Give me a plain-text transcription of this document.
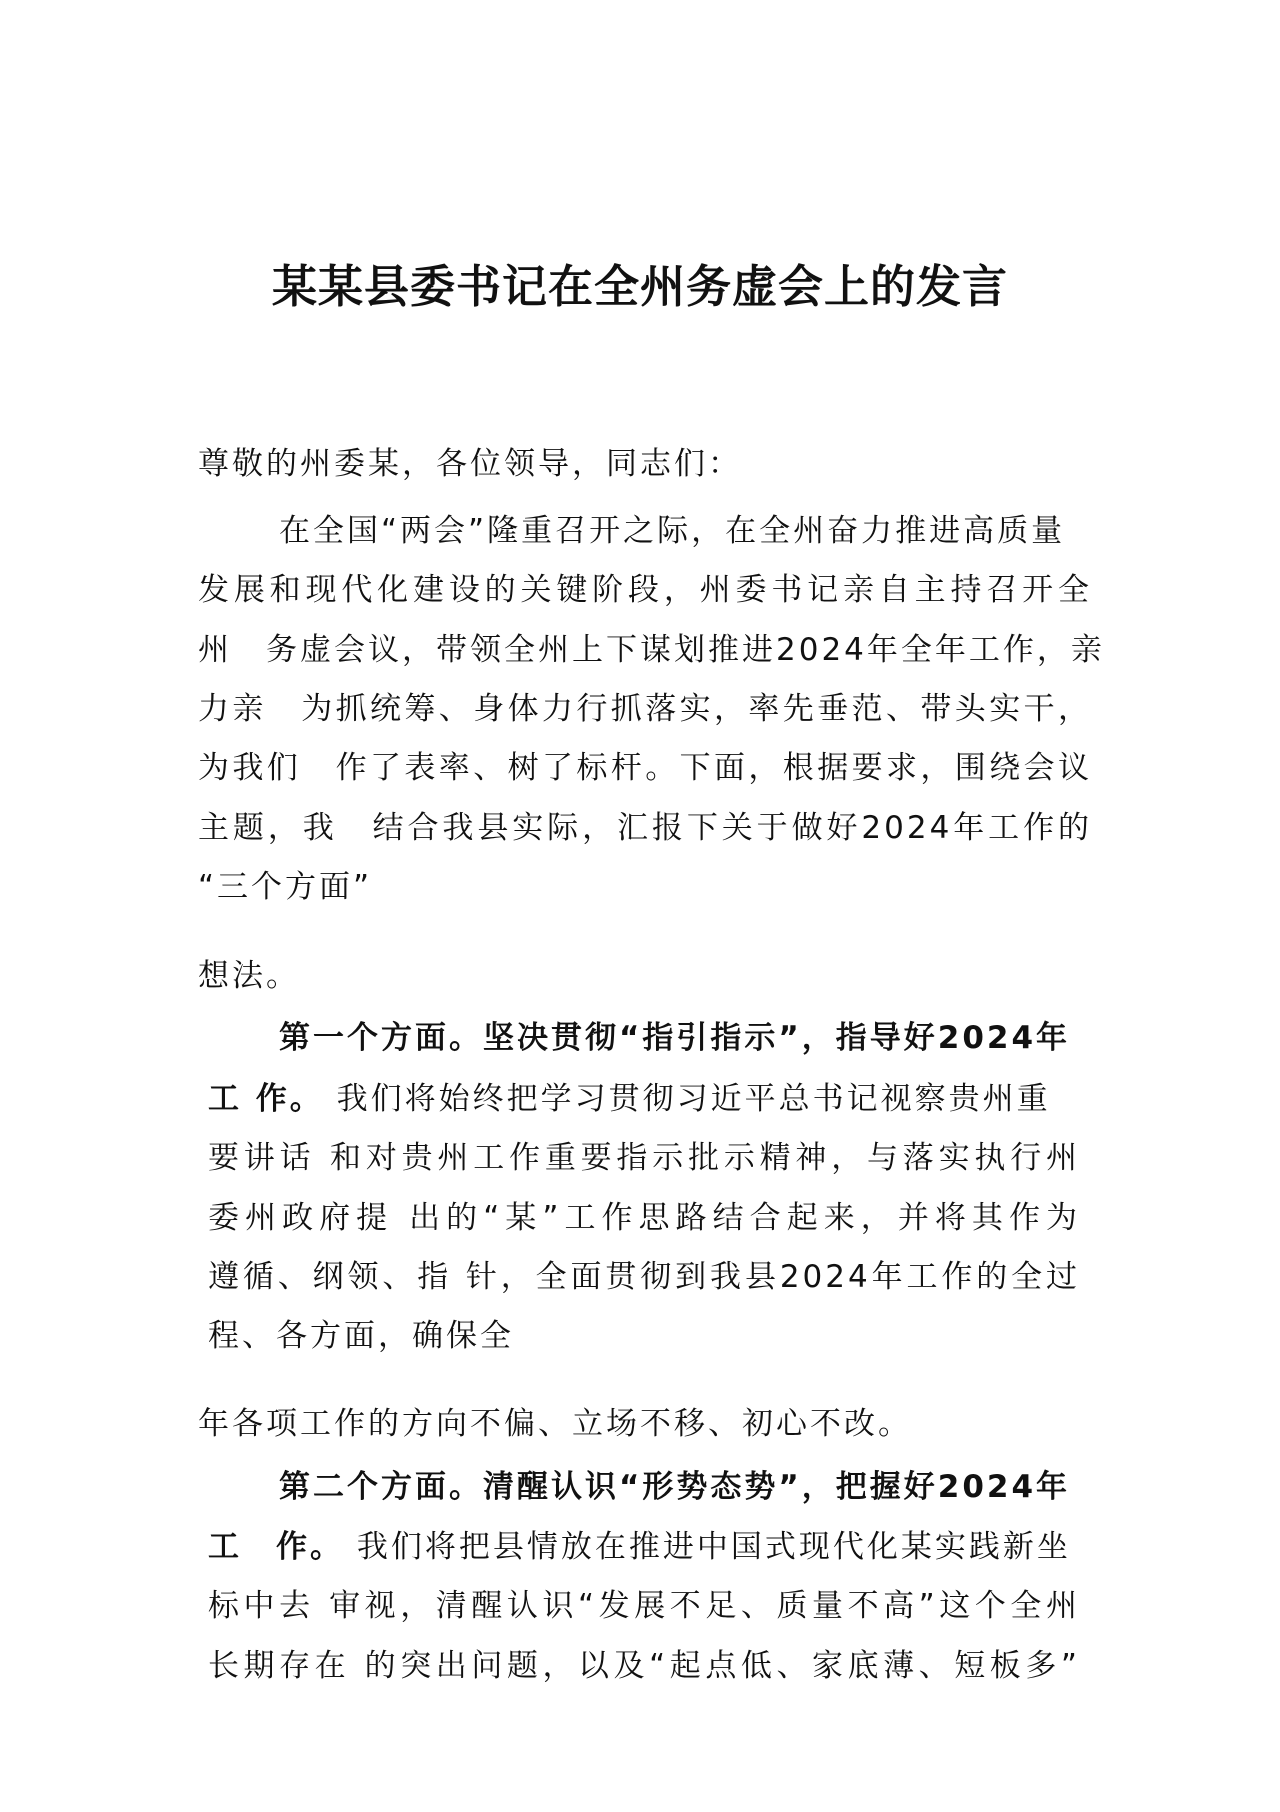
某某县委书记在全州务虚会上的发言
尊敬的州委某，各位领导，同志们：
在全国“两会”隆重召开之际，在全州奋力推进高质量
发展和现代化建设的关键阶段，州委书记亲自主持召开全
州　务虚会议，带领全州上下谋划推进2024年全年工作，亲
力亲　为抓统筹、身体力行抓落实，率先垂范、带头实干，
为我们　作了表率、树了标杆。下面，根据要求，围绕会议
主题，我　结合我县实际，汇报下关于做好2024年工作的
“三个方面”
想法。
第一个方面。坚决贯彻“指引指示”，指导好2024年
工 作。 我们将始终把学习贯彻习近平总书记视察贵州重
要讲话 和对贵州工作重要指示批示精神，与落实执行州
委州政府提 出的“某”工作思路结合起来，并将其作为
遵循、纲领、指 针，全面贯彻到我县2024年工作的全过
程、各方面，确保全
年各项工作的方向不偏、立场不移、初心不改。
第二个方面。清醒认识“形势态势”，把握好2024年
工　作。 我们将把县情放在推进中国式现代化某实践新坐
标中去 审视，清醒认识“发展不足、质量不高”这个全州
长期存在 的突出问题，以及“起点低、家底薄、短板多”
